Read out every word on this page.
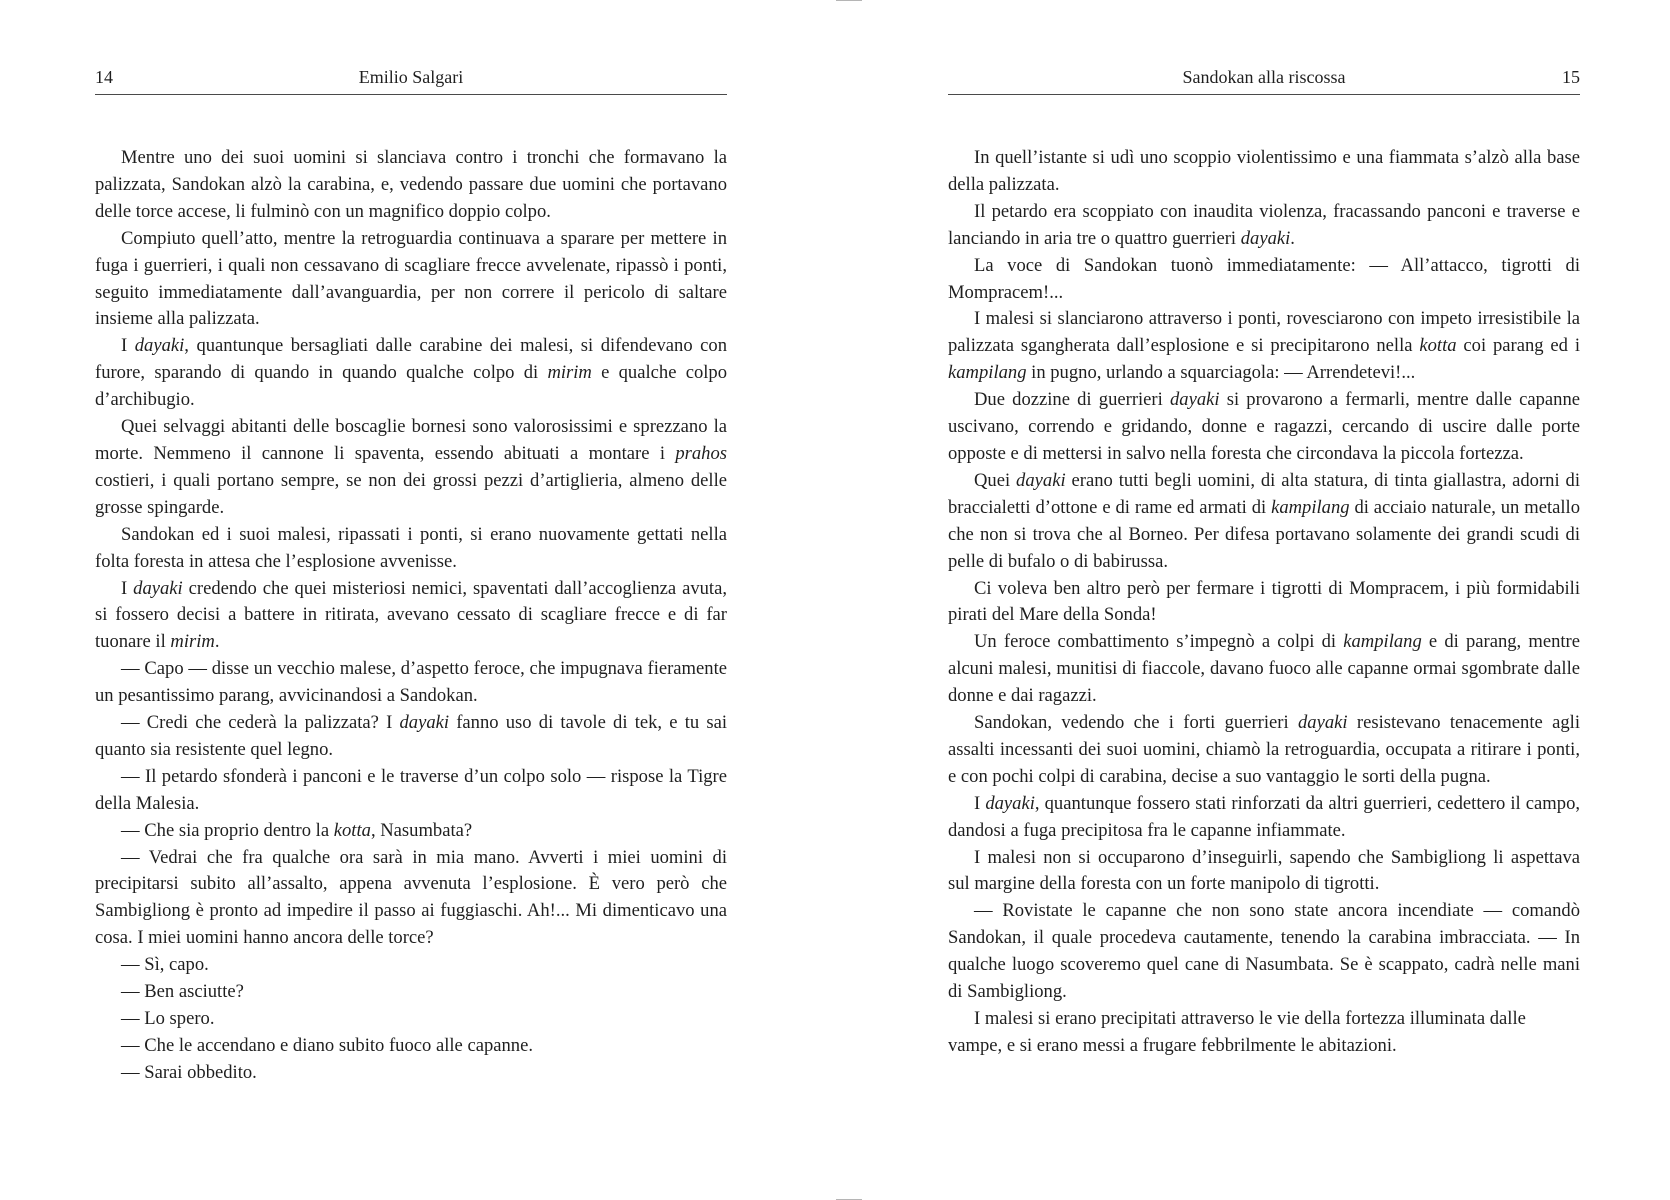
14	Emilio Salgari

Mentre uno dei suoi uomini si slanciava contro i tronchi che formavano la palizzata, Sandokan alzò la carabina, e, vedendo passare due uomini che portavano delle torce accese, li fulminò con un magnifico doppio colpo.

Compiuto quell’atto, mentre la retroguardia continuava a sparare per mettere in fuga i guerrieri, i quali non cessavano di scagliare frecce avvelenate, ripassò i ponti, seguito immediatamente dall’avanguardia, per non correre il pericolo di saltare insieme alla palizzata.

I dayaki, quantunque bersagliati dalle carabine dei malesi, si difendevano con furore, sparando di quando in quando qualche colpo di mirim e qualche colpo d’archibugio.

Quei selvaggi abitanti delle boscaglie bornesi sono valorosissimi e sprezzano la morte. Nemmeno il cannone li spaventa, essendo abituati a montare i prahos costieri, i quali portano sempre, se non dei grossi pezzi d’artiglieria, almeno delle grosse spingarde.

Sandokan ed i suoi malesi, ripassati i ponti, si erano nuovamente gettati nella folta foresta in attesa che l’esplosione avvenisse.

I dayaki credendo che quei misteriosi nemici, spaventati dall’accoglienza avuta, si fossero decisi a battere in ritirata, avevano cessato di scagliare frecce e di far tuonare il mirim.

— Capo — disse un vecchio malese, d’aspetto feroce, che impugnava fieramente un pesantissimo parang, avvicinandosi a Sandokan.

— Credi che cederà la palizzata? I dayaki fanno uso di tavole di tek, e tu sai quanto sia resistente quel legno.

— Il petardo sfonderà i panconi e le traverse d’un colpo solo — rispose la Tigre della Malesia.

— Che sia proprio dentro la kotta, Nasumbata?

— Vedrai che fra qualche ora sarà in mia mano. Avverti i miei uomini di precipitarsi subito all’assalto, appena avvenuta l’esplosione. È vero però che Sambigliong è pronto ad impedire il passo ai fuggiaschi. Ah!... Mi dimenticavo una cosa. I miei uomini hanno ancora delle torce?

— Sì, capo.

— Ben asciutte?

— Lo spero.

— Che le accendano e diano subito fuoco alle capanne.

— Sarai obbedito.

Sandokan alla riscossa	15

In quell’istante si udì uno scoppio violentissimo e una fiammata s’alzò alla base della palizzata.

Il petardo era scoppiato con inaudita violenza, fracassando panconi e traverse e lanciando in aria tre o quattro guerrieri dayaki.

La voce di Sandokan tuonò immediatamente: — All’attacco, tigrotti di Mompracem!...

I malesi si slanciarono attraverso i ponti, rovesciarono con impeto irresistibile la palizzata sgangherata dall’esplosione e si precipitarono nella kotta coi parang ed i kampilang in pugno, urlando a squarciagola: — Arrendetevi!...

Due dozzine di guerrieri dayaki si provarono a fermarli, mentre dalle capanne uscivano, correndo e gridando, donne e ragazzi, cercando di uscire dalle porte opposte e di mettersi in salvo nella foresta che circondava la piccola fortezza.

Quei dayaki erano tutti begli uomini, di alta statura, di tinta giallastra, adorni di braccialetti d’ottone e di rame ed armati di kampilang di acciaio naturale, un metallo che non si trova che al Borneo. Per difesa portavano solamente dei grandi scudi di pelle di bufalo o di babirussa.

Ci voleva ben altro però per fermare i tigrotti di Mompracem, i più formidabili pirati del Mare della Sonda!

Un feroce combattimento s’impegnò a colpi di kampilang e di parang, mentre alcuni malesi, munitisi di fiaccole, davano fuoco alle capanne ormai sgombrate dalle donne e dai ragazzi.

Sandokan, vedendo che i forti guerrieri dayaki resistevano tenacemente agli assalti incessanti dei suoi uomini, chiamò la retroguardia, occupata a ritirare i ponti, e con pochi colpi di carabina, decise a suo vantaggio le sorti della pugna.

I dayaki, quantunque fossero stati rinforzati da altri guerrieri, cedettero il campo, dandosi a fuga precipitosa fra le capanne infiammate.

I malesi non si occuparono d’inseguirli, sapendo che Sambigliong li aspettava sul margine della foresta con un forte manipolo di tigrotti.

— Rovistate le capanne che non sono state ancora incendiate — comandò Sandokan, il quale procedeva cautamente, tenendo la carabina imbracciata. — In qualche luogo scoveremo quel cane di Nasumbata. Se è scappato, cadrà nelle mani di Sambigliong.

I malesi si erano precipitati attraverso le vie della fortezza illuminata dalle vampe, e si erano messi a frugare febbrilmente le abitazioni.
